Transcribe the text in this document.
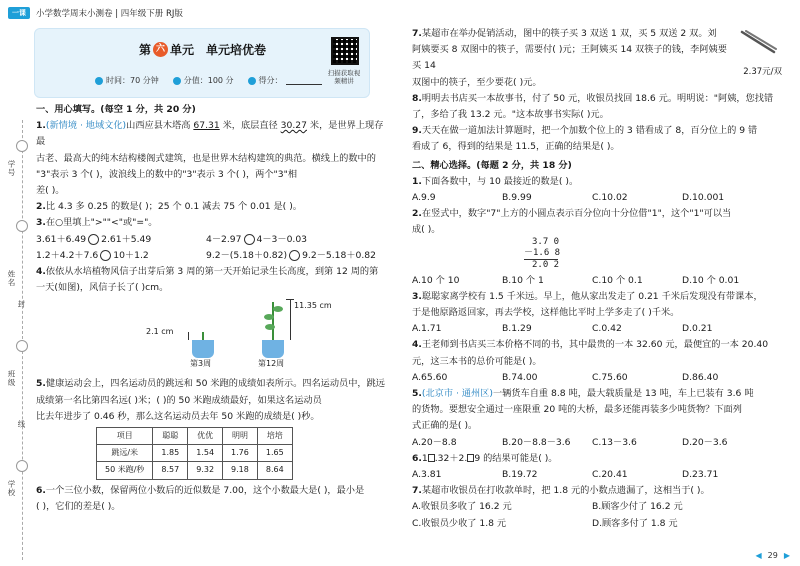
一课	小学数学周末小测卷 | 四年级下册 RJ版
学号
姓名
封
班级
线
学校
第 六 单元 单元培优卷
时间：70 分钟	分值：100 分	得分：
扫描获取视频精讲
一、用心填写。(每空 1 分，共 20 分)
1.(新情境 · 地域文化)山西应县木塔高 67.31 米，底层直径 30.27 米，是世界上现存最
古老、最高大的纯木结构楼阁式建筑，也是世界木结构建筑的典范。横线上的数中的
"3"表示 3 个( )，波浪线上的数中的"3"表示 3 个( )，两个"3"相
差( )。
2.比 4.3 多 0.25 的数是( )；25 个 0.1 减去 75 个 0.01 是( )。
3.在○里填上">""<"或"="。
3.61＋6.49 2.61＋5.49	4－2.97 4－3－0.03
1.2＋4.2＋7.6 10＋1.2	9.2－(5.18＋0.82) 9.2－5.18＋0.82
4.依依从水培植物风信子出芽后第 3 周的第一天开始记录生长高度，到第 12 周的第
一天(如图)，风信子长了( )cm。
2.1 cm
第3周
11.35 cm
第12周
5.健康运动会上，四名运动员的跳远和 50 米跑的成绩如表所示。四名运动员中，跳远
成绩第一名比第四名远( )米；( )的 50 米跑成绩最好，如果这名运动员
比去年进步了 0.46 秒，那么这名运动员去年 50 米跑的成绩是( )秒。
项目	聪聪	优优	明明	培培
跳远/米	1.85	1.54	1.76	1.65
50 米跑/秒	8.57	9.32	9.18	8.64
6.一个三位小数，保留两位小数后的近似数是 7.00，这个小数最大是( )，最小是
( )，它们的差是( )。
7.某超市在举办促销活动，图中的筷子买 3 双送 1 双，买 5 双送 2 双。刘
阿姨要买 8 双图中的筷子，需要付( )元；王阿姨买 14 双筷子的钱，李阿姨要买 14
双图中的筷子，至少要花( )元。
2.37元/双
8.明明去书店买一本故事书，付了 50 元，收银员找回 18.6 元。明明说："阿姨，您找错
了，多给了我 13.2 元。"这本故事书实际( )元。
9.天天在做一道加法计算题时，把一个加数个位上的 3 错看成了 8，百分位上的 9 错
看成了 6，得到的结果是 11.5，正确的结果是( )。
二、精心选择。(每题 2 分，共 18 分)
1.下面各数中，与 10 最接近的数是( )。
A.9.9	B.9.99	C.10.02	D.10.001
2.在竖式中，数字"7"上方的小圆点表示百分位向十分位借"1"，这个"1"可以当
成( )。
3.7 0
－1.6 8
2.0 2
A.10 个 10	B.10 个 1	C.10 个 0.1	D.10 个 0.01
3.聪聪家离学校有 1.5 千米远。早上，他从家出发走了 0.21 千米后发现没有带课本，
于是他原路返回家，再去学校，这样他比平时上学多走了( )千米。
A.1.71	B.1.29	C.0.42	D.0.21
4.王老师到书店买三本价格不同的书，其中最贵的一本 32.60 元，最便宜的一本 20.40
元，这三本书的总价可能是( )。
A.65.60	B.74.00	C.75.60	D.86.40
5.(北京市 · 通州区)一辆货车自重 8.8 吨，最大载质量是 13 吨，车上已装有 3.6 吨
的货物。要想安全通过一座限重 20 吨的大桥，最多还能再装多少吨货物？下面列
式正确的是( )。
A.20－8.8	B.20－8.8－3.6	C.13－3.6	D.20－3.6
6.1 .32＋2. 9 的结果可能是( )。
A.3.81	B.19.72	C.20.41	D.23.71
7.某超市收银员在打收款单时，把 1.8 元的小数点遗漏了，这相当于( )。
A.收银员多收了 16.2 元	B.顾客少付了 16.2 元
C.收银员少收了 1.8 元	D.顾客多付了 1.8 元
◀ 29 ▶
